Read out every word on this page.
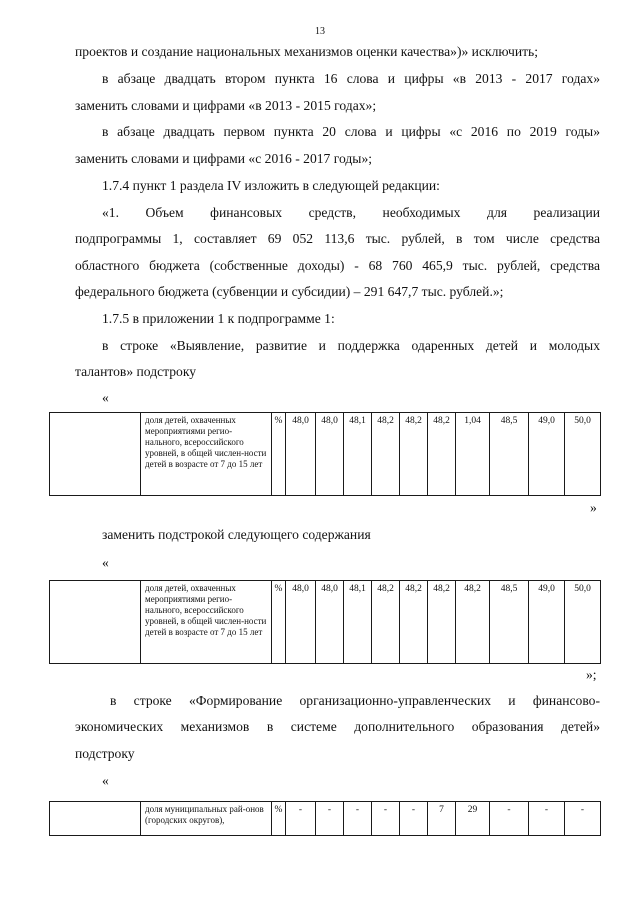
13

проектов и создание национальных механизмов оценки качества»)» исключить;

в абзаце двадцать втором пункта 16 слова и цифры «в 2013 - 2017 годах»

заменить словами и цифрами «в 2013 - 2015 годах»;

в абзаце двадцать первом пункта 20 слова и цифры «с 2016 по 2019 годы»

заменить словами и цифрами «с 2016 - 2017 годы»;

1.7.4 пункт 1 раздела IV изложить в следующей редакции:

«1. Объем финансовых средств, необходимых для реализации

подпрограммы 1, составляет 69 052 113,6 тыс. рублей, в том числе средства

областного бюджета (собственные доходы) - 68 760 465,9 тыс. рублей, средства

федерального бюджета (субвенции и субсидии) – 291 647,7 тыс. рублей.»;

1.7.5 в приложении 1 к подпрограмме 1:

в строке «Выявление, развитие и поддержка одаренных детей и молодых

талантов» подстроку

«
	доля детей, охваченных мероприятиями регио-нального, всероссийского уровней, в общей числен-ности детей в возрасте от 7 до 15 лет	%	48,0	48,0	48,1	48,2	48,2	48,2	1,04	48,5	49,0	50,0
»

заменить подстрокой следующего содержания

«
	доля детей, охваченных мероприятиями регио-нального, всероссийского уровней, в общей числен-ности детей в возрасте от 7 до 15 лет	%	48,0	48,0	48,1	48,2	48,2	48,2	48,2	48,5	49,0	50,0
»;

в строке «Формирование организационно-управленческих и финансово-

экономических механизмов в системе дополнительного образования детей»

подстроку

«
	доля муниципальных рай-онов (городских округов),	%	-	-	-	-	-	7	29	-	-	-
